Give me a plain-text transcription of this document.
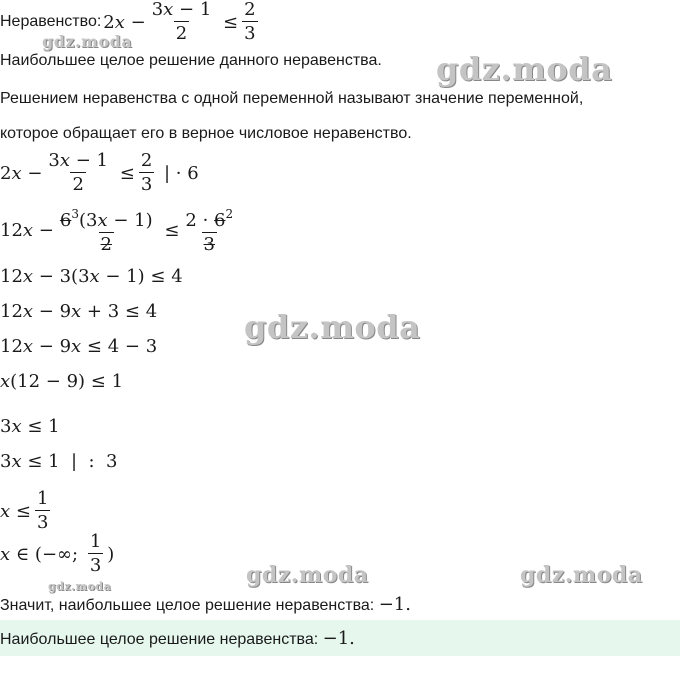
Неравенство: 2 $x - \frac{3x - 1}{2} \le \frac{2}{3}$
gdz.moda
Наибольшее целое решение данного неравенства. gdz.moda
Решением неравенства с одной переменной называют значение переменной,
которое обращает его в верное числовое неравенство.
2 $x - \frac{3x - 1}{2} \le \frac{2}{3}$ | · 6
12 $x - \frac{6^3(3x - 1)}{2} \le \frac{2 \cdot 6^2}{3}$
12x − 3(3x − 1) ≤ 4
12x − 9x + 3 ≤ 4	gdz.moda
12x − 9x ≤ 4 − 3
x(12 − 9) ≤ 1
3x ≤ 1
3x ≤ 1  |  :  3
$x \le \frac{1}{3}$
x ∈ (−∞; $\frac{1}{3}$ )
gdz.moda	gdz.moda	gdz.moda
Значит, наибольшее целое решение неравенства: −1.
Наибольшее целое решение неравенства: −1.
